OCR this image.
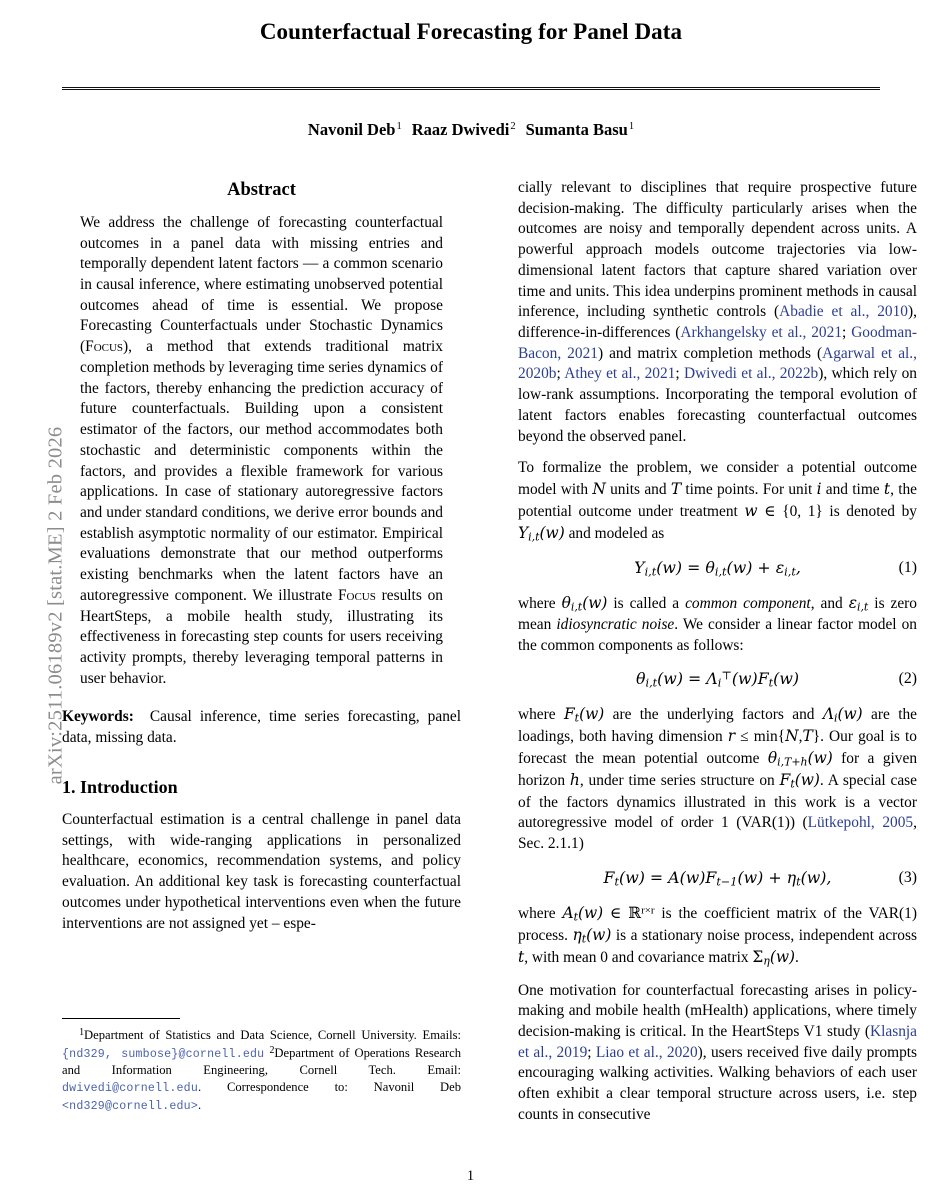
arXiv:2511.06189v2 [stat.ME] 2 Feb 2026
Counterfactual Forecasting for Panel Data
Navonil Deb$^1$ Raaz Dwivedi$^2$ Sumanta Basu$^1$
Abstract

We address the challenge of forecasting counterfactual outcomes in a panel data with missing entries and temporally dependent latent factors — a common scenario in causal inference, where estimating unobserved potential outcomes ahead of time is essential. We propose Forecasting Counterfactuals under Stochastic Dynamics (Focus), a method that extends traditional matrix completion methods by leveraging time series dynamics of the factors, thereby enhancing the prediction accuracy of future counterfactuals. Building upon a consistent estimator of the factors, our method accommodates both stochastic and deterministic components within the factors, and provides a flexible framework for various applications. In case of stationary autoregressive factors and under standard conditions, we derive error bounds and establish asymptotic normality of our estimator. Empirical evaluations demonstrate that our method outperforms existing benchmarks when the latent factors have an autoregressive component. We illustrate Focus results on HeartSteps, a mobile health study, illustrating its effectiveness in forecasting step counts for users receiving activity prompts, thereby leveraging temporal patterns in user behavior.

Keywords: Causal inference, time series forecasting, panel data, missing data.

1. Introduction

Counterfactual estimation is a central challenge in panel data settings, with wide-ranging applications in personalized healthcare, economics, recommendation systems, and policy evaluation. An additional key task is forecasting counterfactual outcomes under hypothetical interventions even when the future interventions are not assigned yet – espe-

cially relevant to disciplines that require prospective future decision-making. The difficulty particularly arises when the outcomes are noisy and temporally dependent across units. A powerful approach models outcome trajectories via low-dimensional latent factors that capture shared variation over time and units. This idea underpins prominent methods in causal inference, including synthetic controls (Abadie et al., 2010), difference-in-differences (Arkhangelsky et al., 2021; Goodman-Bacon, 2021) and matrix completion methods (Agarwal et al., 2020b; Athey et al., 2021; Dwivedi et al., 2022b), which rely on low-rank assumptions. Incorporating the temporal evolution of latent factors enables forecasting counterfactual outcomes beyond the observed panel.

To formalize the problem, we consider a potential outcome model with N units and T time points. For unit i and time t, the potential outcome under treatment w ∈ {0, 1} is denoted by $Y_{i,t}(w)$ and modeled as

$Y_{i,t}(w) = \theta_{i,t}(w) + \varepsilon_{i,t}$,	(1)

where $\theta_{i,t}(w)$ is called a common component, and $\varepsilon_{i,t}$ is zero mean idiosyncratic noise. We consider a linear factor model on the common components as follows:

$\theta_{i,t}(w) = \Lambda_i^⊤(w)F_t(w)$	(2)

where $F_t(w)$ are the underlying factors and $\Lambda_i(w)$ are the loadings, both having dimension r ≤ min{N,T}. Our goal is to forecast the mean potential outcome $\theta_{i,T+h}(w)$ for a given horizon h, under time series structure on $F_t(w)$. A special case of the factors dynamics illustrated in this work is a vector autoregressive model of order 1 (VAR(1)) (Lütkepohl, 2005, Sec. 2.1.1)

$F_t(w) = A(w)F_{t-1}(w) + \eta_t(w)$,	(3)

where $A_t(w)$ ∈ ℝ$^{r\times r}$ is the coefficient matrix of the VAR(1) process. $\eta_t(w)$ is a stationary noise process, independent across t, with mean 0 and covariance matrix $\Sigma_\eta(w)$.

One motivation for counterfactual forecasting arises in policy-making and mobile health (mHealth) applications, where timely decision-making is critical. In the HeartSteps V1 study (Klasnja et al., 2019; Liao et al., 2020), users received five daily prompts encouraging walking activities. Walking behaviors of each user often exhibit a clear temporal structure across users, i.e. step counts in consecutive

$^1$Department of Statistics and Data Science, Cornell University. Emails: {nd329, sumbose}@cornell.edu $^2$Department of Operations Research and Information Engineering, Cornell Tech. Email: dwivedi@cornell.edu. Correspondence to: Navonil Deb <nd329@cornell.edu>.
1
